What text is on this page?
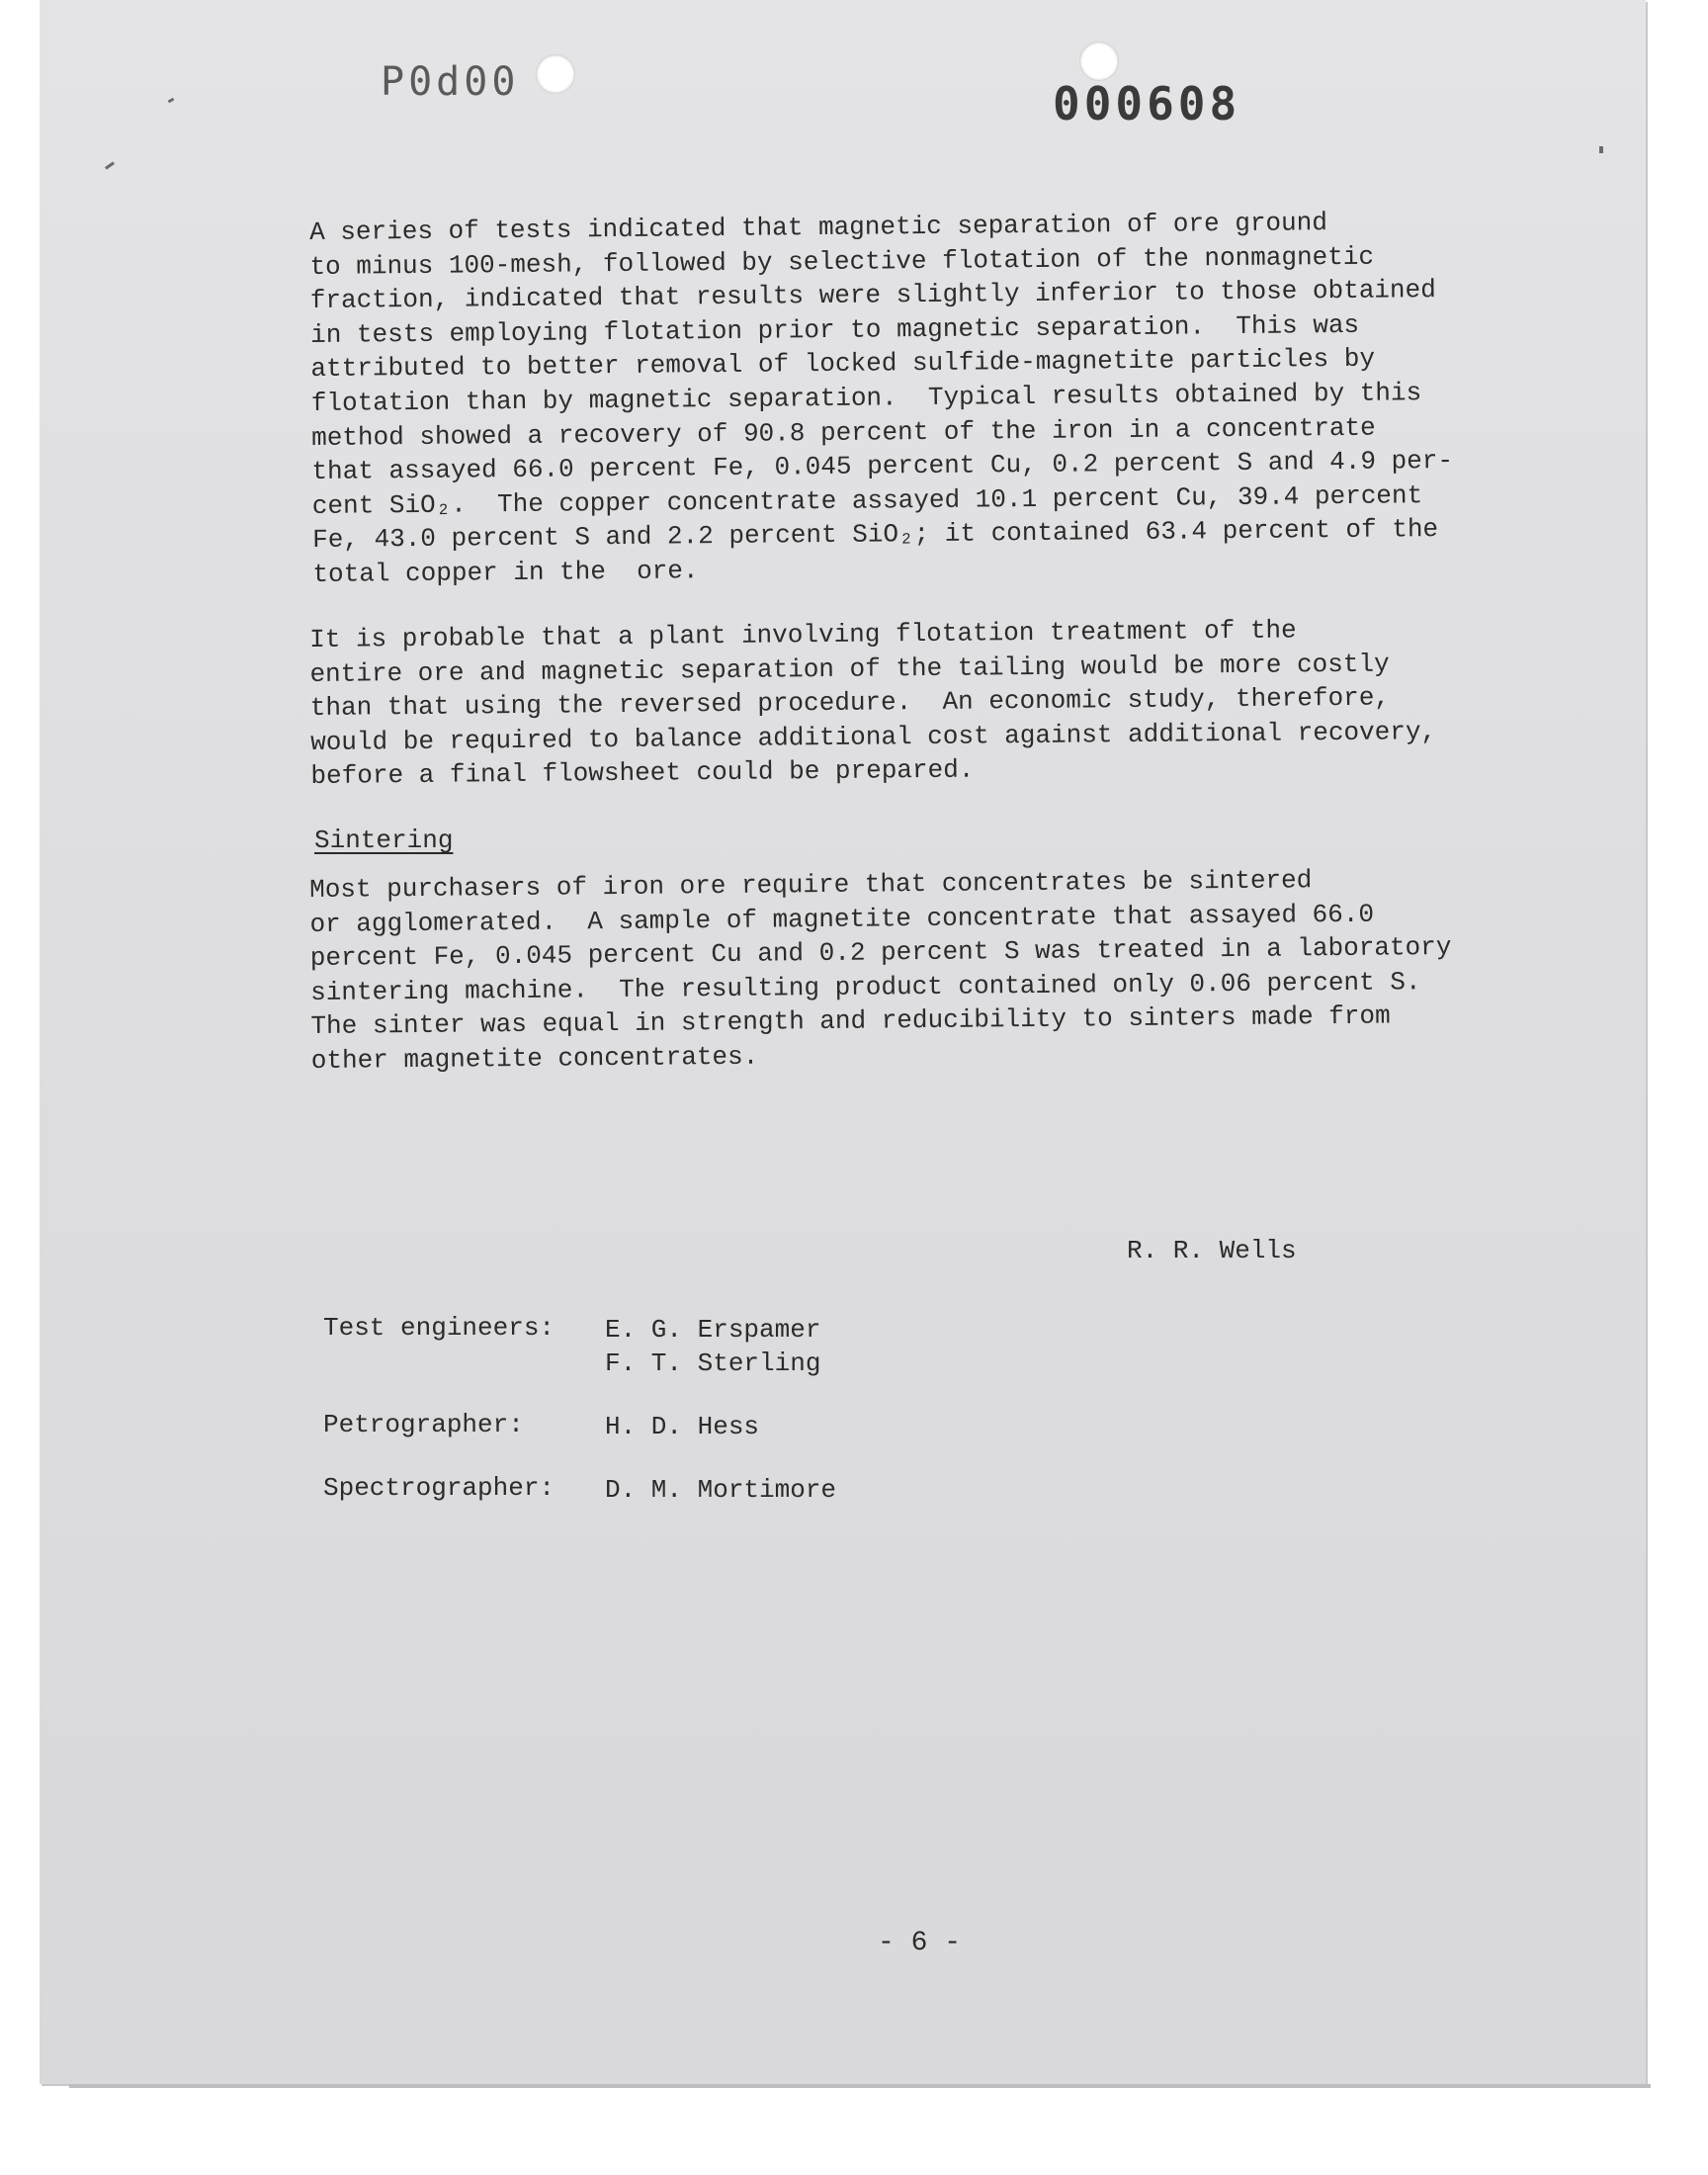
P0d00	000608

A series of tests indicated that magnetic separation of ore ground
to minus 100-mesh, followed by selective flotation of the nonmagnetic
fraction, indicated that results were slightly inferior to those obtained
in tests employing flotation prior to magnetic separation.  This was
attributed to better removal of locked sulfide-magnetite particles by
flotation than by magnetic separation.  Typical results obtained by this
method showed a recovery of 90.8 percent of the iron in a concentrate
that assayed 66.0 percent Fe, 0.045 percent Cu, 0.2 percent S and 4.9 per-
cent SiO₂.  The copper concentrate assayed 10.1 percent Cu, 39.4 percent
Fe, 43.0 percent S and 2.2 percent SiO₂; it contained 63.4 percent of the
total copper in the  ore.

It is probable that a plant involving flotation treatment of the
entire ore and magnetic separation of the tailing would be more costly
than that using the reversed procedure.  An economic study, therefore,
would be required to balance additional cost against additional recovery,
before a final flowsheet could be prepared.

Sintering

Most purchasers of iron ore require that concentrates be sintered
or agglomerated.  A sample of magnetite concentrate that assayed 66.0
percent Fe, 0.045 percent Cu and 0.2 percent S was treated in a laboratory
sintering machine.  The resulting product contained only 0.06 percent S.
The sinter was equal in strength and reducibility to sinters made from
other magnetite concentrates.

R. R. Wells
Test engineers:	E. G. Erspamer
F. T. Sterling
Petrographer:	H. D. Hess
Spectrographer:	D. M. Mortimore
- 6 -
